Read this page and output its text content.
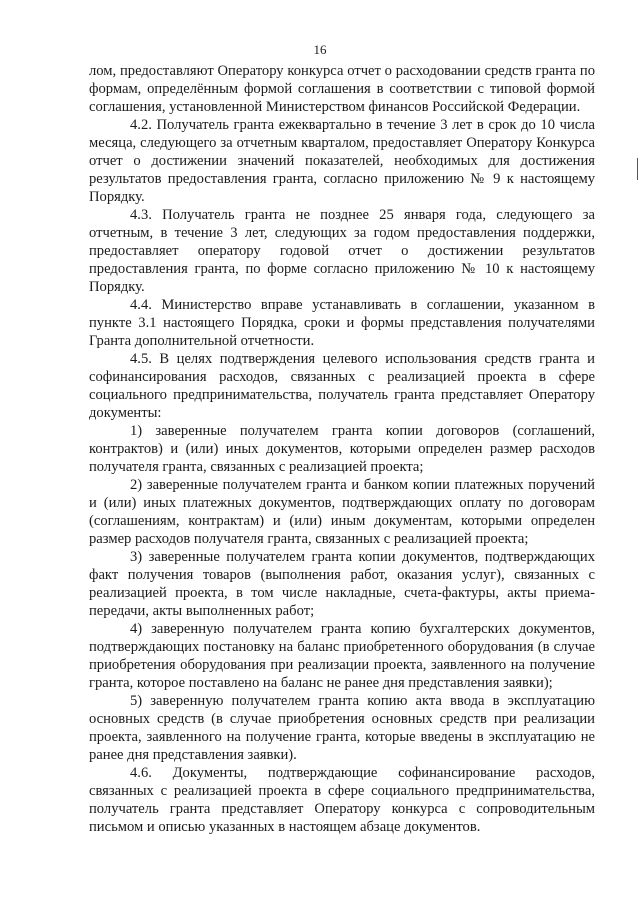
16

лом, предоставляют Оператору конкурса отчет о расходовании средств гранта по формам, определённым формой соглашения в соответствии с типовой формой соглашения, установленной Министерством финансов Российской Федерации.

4.2. Получатель гранта ежеквартально в течение 3 лет в срок до 10 числа месяца, следующего за отчетным кварталом, предоставляет Оператору Конкурса отчет о достижении значений показателей, необходимых для достижения результатов предоставления гранта, согласно приложению № 9 к настоящему Порядку.

4.3. Получатель гранта не позднее 25 января года, следующего за отчетным, в течение 3 лет, следующих за годом предоставления поддержки, предоставляет оператору годовой отчет о достижении результатов предоставления гранта, по форме согласно приложению № 10 к настоящему Порядку.

4.4. Министерство вправе устанавливать в соглашении, указанном в пункте 3.1 настоящего Порядка, сроки и формы представления получателями Гранта дополнительной отчетности.

4.5. В целях подтверждения целевого использования средств гранта и софинансирования расходов, связанных с реализацией проекта в сфере социального предпринимательства, получатель гранта представляет Оператору документы:

1) заверенные получателем гранта копии договоров (соглашений, контрактов) и (или) иных документов, которыми определен размер расходов получателя гранта, связанных с реализацией проекта;

2) заверенные получателем гранта и банком копии платежных поручений и (или) иных платежных документов, подтверждающих оплату по договорам (соглашениям, контрактам) и (или) иным документам, которыми определен размер расходов получателя гранта, связанных с реализацией проекта;

3) заверенные получателем гранта копии документов, подтверждающих факт получения товаров (выполнения работ, оказания услуг), связанных с реализацией проекта, в том числе накладные, счета-фактуры, акты приема-передачи, акты выполненных работ;

4) заверенную получателем гранта копию бухгалтерских документов, подтверждающих постановку на баланс приобретенного оборудования (в случае приобретения оборудования при реализации проекта, заявленного на получение гранта, которое поставлено на баланс не ранее дня представления заявки);

5) заверенную получателем гранта копию акта ввода в эксплуатацию основных средств (в случае приобретения основных средств при реализации проекта, заявленного на получение гранта, которые введены в эксплуатацию не ранее дня представления заявки).

4.6. Документы, подтверждающие софинансирование расходов, связанных с реализацией проекта в сфере социального предпринимательства, получатель гранта представляет Оператору конкурса с сопроводительным письмом и описью указанных в настоящем абзаце документов.
